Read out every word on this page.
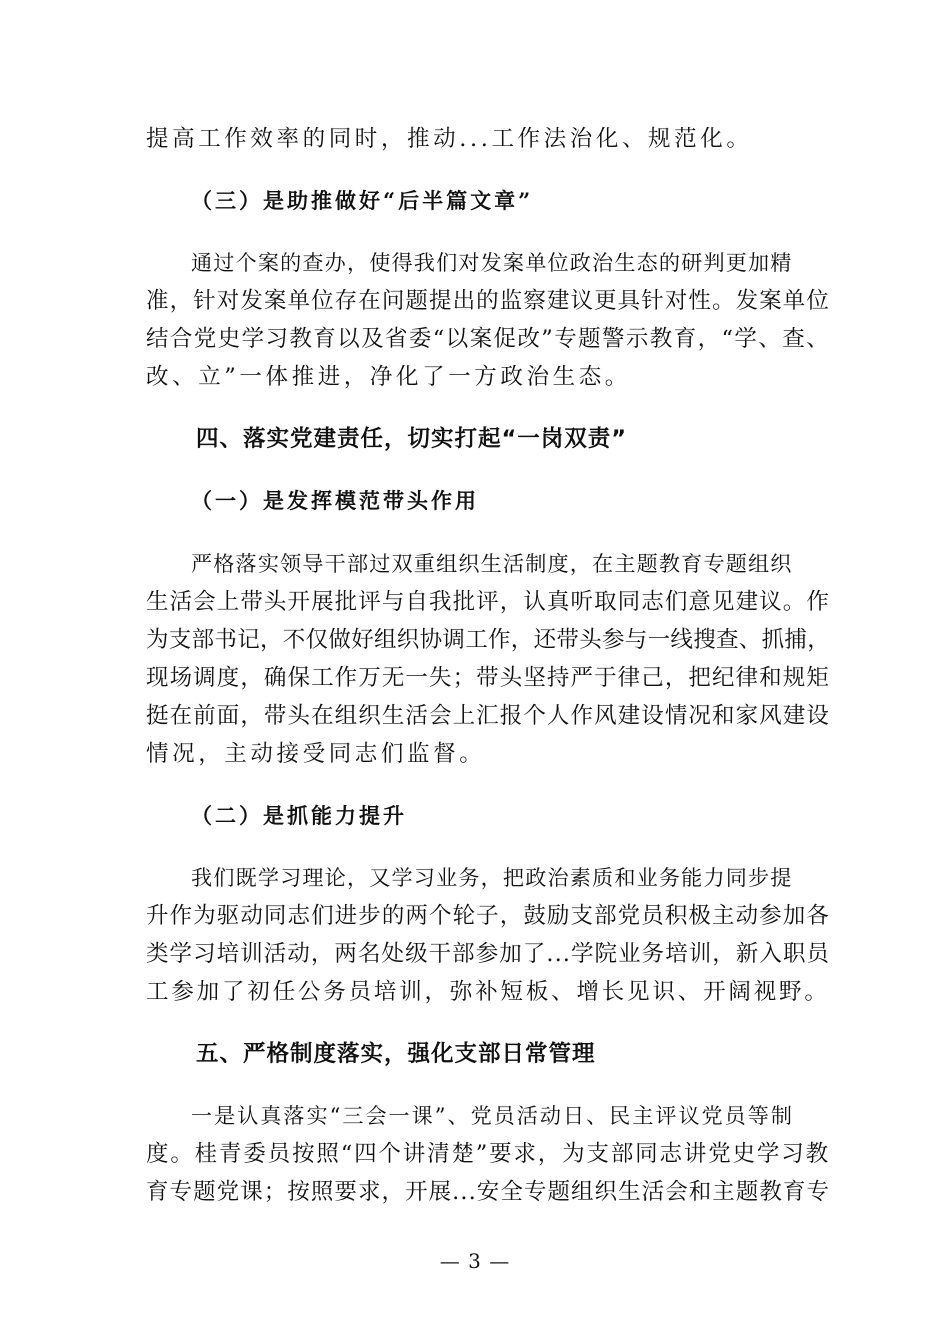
提高工作效率的同时，推动...工作法治化、规范化。

（三）是助推做好“后半篇文章”

通过个案的查办，使得我们对发案单位政治生态的研判更加精

准，针对发案单位存在问题提出的监察建议更具针对性。发案单位

结合党史学习教育以及省委“以案促改”专题警示教育，“学、查、

改、立”一体推进，净化了一方政治生态。

四、落实党建责任，切实打起“一岗双责”

（一）是发挥模范带头作用

严格落实领导干部过双重组织生活制度，在主题教育专题组织

生活会上带头开展批评与自我批评，认真听取同志们意见建议。作

为支部书记，不仅做好组织协调工作，还带头参与一线搜查、抓捕，

现场调度，确保工作万无一失；带头坚持严于律己，把纪律和规矩

挺在前面，带头在组织生活会上汇报个人作风建设情况和家风建设

情况，主动接受同志们监督。

（二）是抓能力提升

我们既学习理论，又学习业务，把政治素质和业务能力同步提

升作为驱动同志们进步的两个轮子，鼓励支部党员积极主动参加各

类学习培训活动，两名处级干部参加了...学院业务培训，新入职员

工参加了初任公务员培训，弥补短板、增长见识、开阔视野。

五、严格制度落实，强化支部日常管理

一是认真落实“三会一课”、党员活动日、民主评议党员等制

度。桂青委员按照“四个讲清楚”要求，为支部同志讲党史学习教

育专题党课；按照要求，开展...安全专题组织生活会和主题教育专

— 3 —
